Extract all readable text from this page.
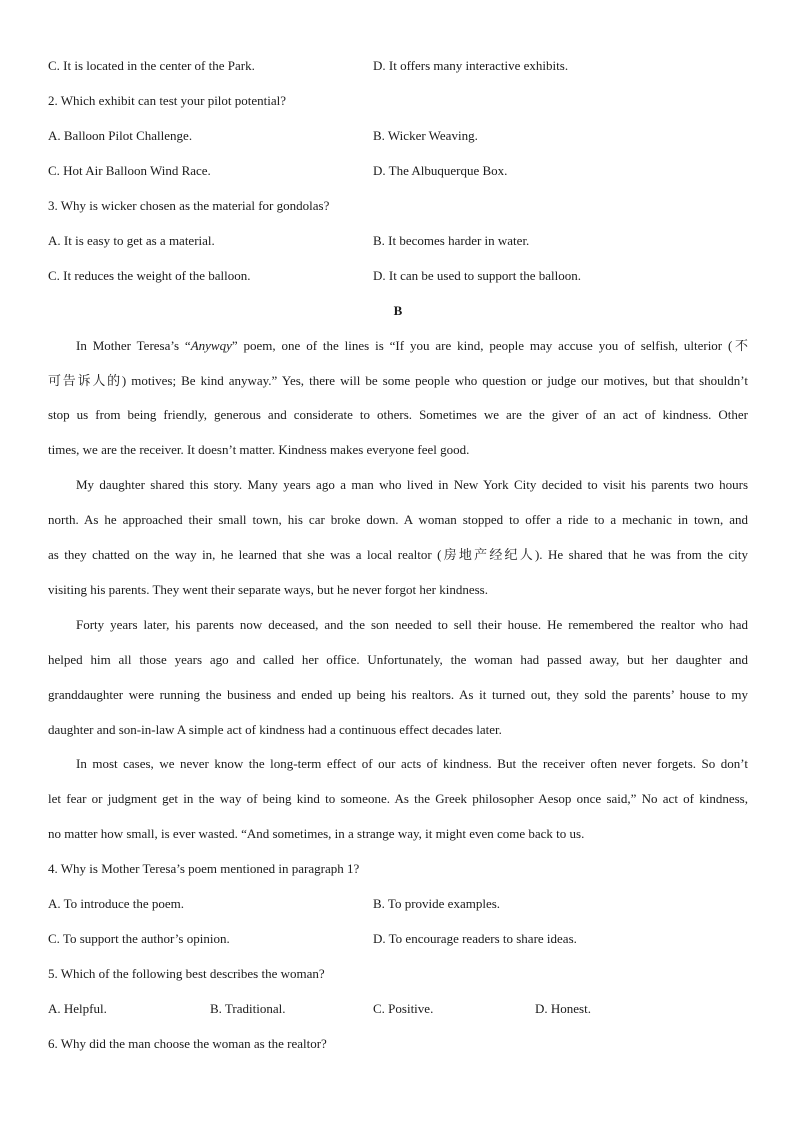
C. It is located in the center of the Park.	D. It offers many interactive exhibits.
2. Which exhibit can test your pilot potential?
A. Balloon Pilot Challenge.	B. Wicker Weaving.
C. Hot Air Balloon Wind Race.	D. The Albuquerque Box.
3. Why is wicker chosen as the material for gondolas?
A. It is easy to get as a material.	B. It becomes harder in water.
C. It reduces the weight of the balloon.	D. It can be used to support the balloon.
B
In Mother Teresa’s “Anywqy” poem, one of the lines is “If you are kind, people may accuse you of selfish, ulterior (不
可告诉人的) motives; Be kind anyway.” Yes, there will be some people who question or judge our motives, but that shouldn’t
stop us from being friendly, generous and considerate to others. Sometimes we are the giver of an act of kindness. Other
times, we are the receiver. It doesn’t matter. Kindness makes everyone feel good.
My daughter shared this story. Many years ago a man who lived in New York City decided to visit his parents two hours
north. As he approached their small town, his car broke down. A woman stopped to offer a ride to a mechanic in town, and
as they chatted on the way in, he learned that she was a local realtor (房地产经纪人). He shared that he was from the city
visiting his parents. They went their separate ways, but he never forgot her kindness.
Forty years later, his parents now deceased, and the son needed to sell their house. He remembered the realtor who had
helped him all those years ago and called her office. Unfortunately, the woman had passed away, but her daughter and
granddaughter were running the business and ended up being his realtors. As it turned out, they sold the parents’ house to my
daughter and son-in-law A simple act of kindness had a continuous effect decades later.
In most cases, we never know the long-term effect of our acts of kindness. But the receiver often never forgets. So don’t
let fear or judgment get in the way of being kind to someone. As the Greek philosopher Aesop once said,” No act of kindness,
no matter how small, is ever wasted. “And sometimes, in a strange way, it might even come back to us.
4. Why is Mother Teresa’s poem mentioned in paragraph 1?
A. To introduce the poem.	B. To provide examples.
C. To support the author’s opinion.	D. To encourage readers to share ideas.
5. Which of the following best describes the woman?
A. Helpful.	B. Traditional.	C. Positive.	D. Honest.
6. Why did the man choose the woman as the realtor?
